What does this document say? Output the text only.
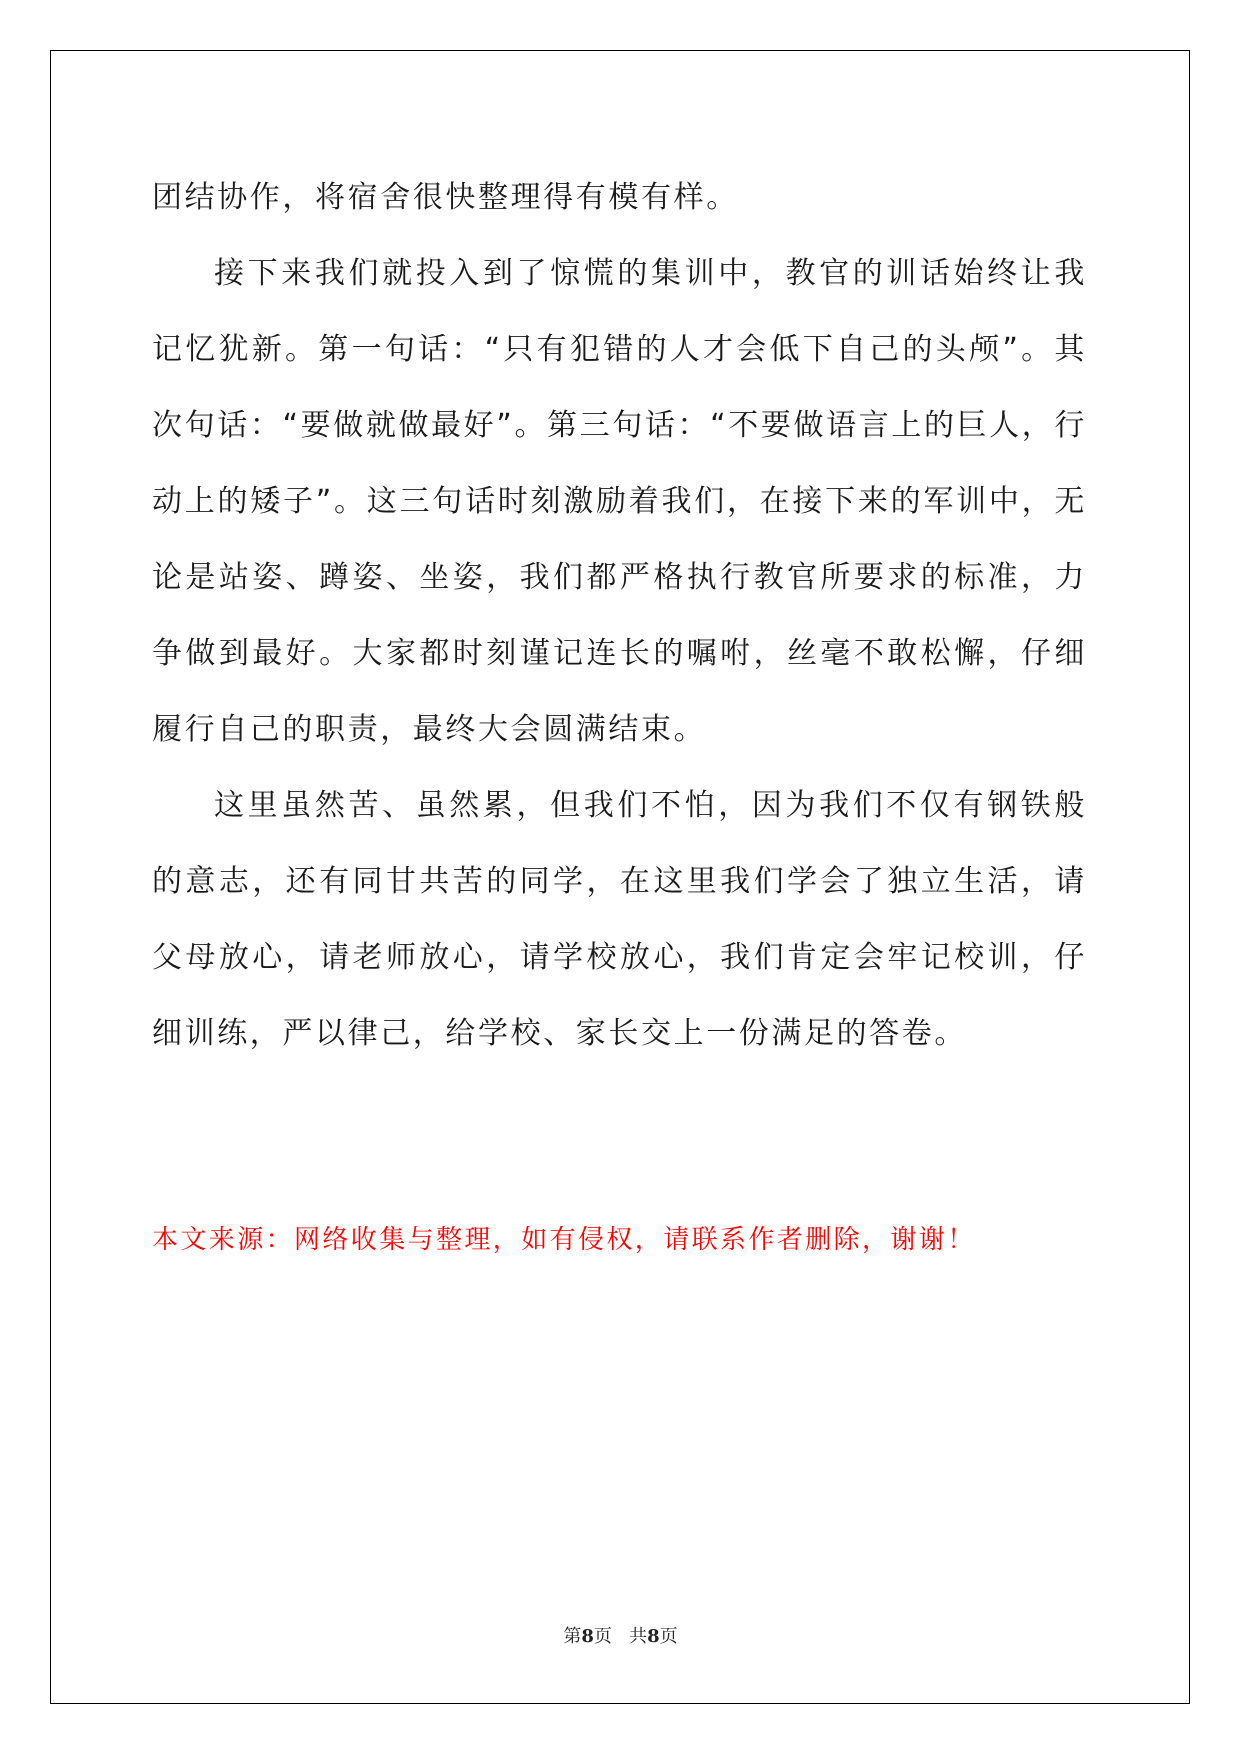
团结协作，将宿舍很快整理得有模有样。

接下来我们就投入到了惊慌的集训中，教官的训话始终让我记忆犹新。第一句话：“只有犯错的人才会低下自己的头颅”。其次句话：“要做就做最好”。第三句话：“不要做语言上的巨人，行动上的矮子”。这三句话时刻激励着我们，在接下来的军训中，无论是站姿、蹲姿、坐姿，我们都严格执行教官所要求的标准，力争做到最好。大家都时刻谨记连长的嘱咐，丝毫不敢松懈，仔细履行自己的职责，最终大会圆满结束。

这里虽然苦、虽然累，但我们不怕，因为我们不仅有钢铁般的意志，还有同甘共苦的同学，在这里我们学会了独立生活，请父母放心，请老师放心，请学校放心，我们肯定会牢记校训，仔细训练，严以律己，给学校、家长交上一份满足的答卷。

本文来源：网络收集与整理，如有侵权，请联系作者删除，谢谢！
第8页 共8页
